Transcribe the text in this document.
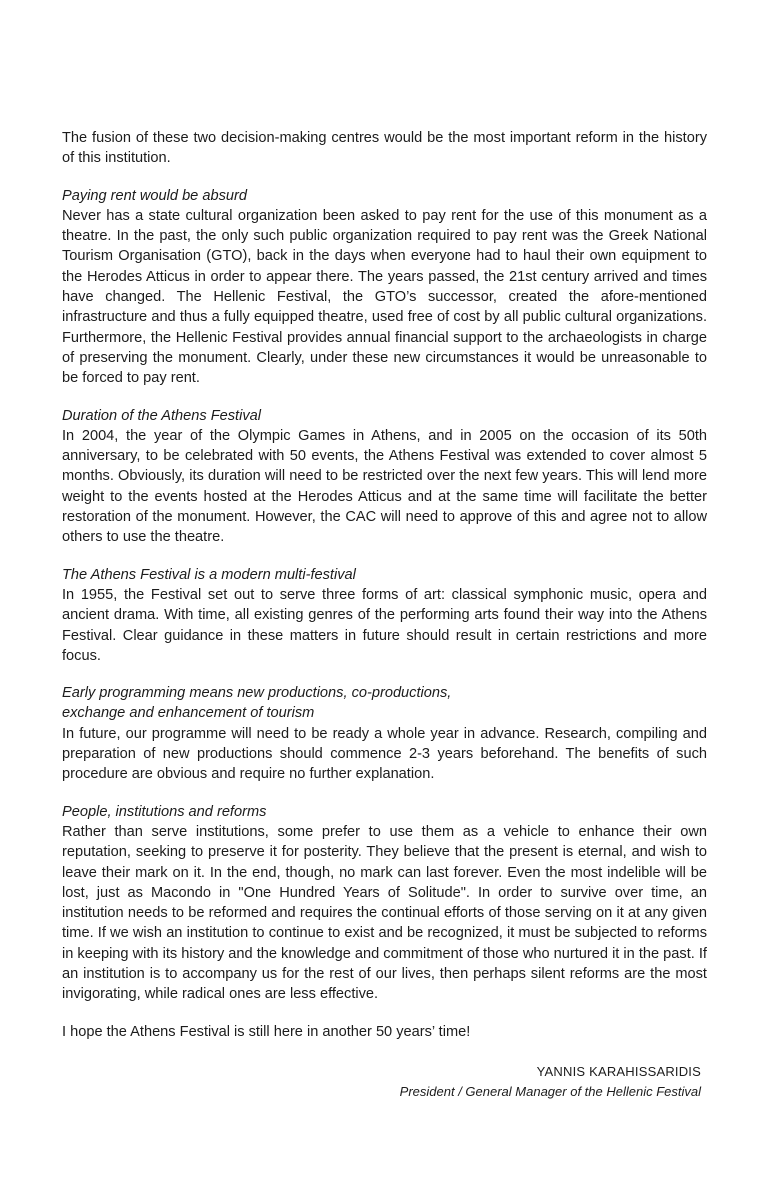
The fusion of these two decision-making centres would be the most important reform in the history of this institution.

Paying rent would be absurd

Never has a state cultural organization been asked to pay rent for the use of this monument as a theatre. In the past, the only such public organization required to pay rent was the Greek National Tourism Organisation (GTO), back in the days when everyone had to haul their own equipment to the Herodes Atticus in order to appear there. The years passed, the 21st century arrived and times have changed. The Hellenic Festival, the GTO’s successor, created the afore-mentioned infrastructure and thus a fully equipped theatre, used free of cost by all public cultural organizations. Furthermore, the Hellenic Festival provides annual financial support to the archaeologists in charge of preserving the monument. Clearly, under these new circumstances it would be unreasonable to be forced to pay rent.

Duration of the Athens Festival

In 2004, the year of the Olympic Games in Athens, and in 2005 on the occasion of its 50th anniversary, to be celebrated with 50 events, the Athens Festival was extended to cover almost 5 months. Obviously, its duration will need to be restricted over the next few years. This will lend more weight to the events hosted at the Herodes Atticus and at the same time will facilitate the better restoration of the monument. However, the CAC will need to approve of this and agree not to allow others to use the theatre.

The Athens Festival is a modern multi-festival

In 1955, the Festival set out to serve three forms of art: classical symphonic music, opera and ancient drama. With time, all existing genres of the performing arts found their way into the Athens Festival. Clear guidance in these matters in future should result in certain restrictions and more focus.

Early programming means new productions, co-productions,

exchange and enhancement of tourism

In future, our programme will need to be ready a whole year in advance. Research, compiling and preparation of new productions should commence 2-3 years beforehand. The benefits of such procedure are obvious and require no further explanation.

People, institutions and reforms

Rather than serve institutions, some prefer to use them as a vehicle to enhance their own reputation, seeking to preserve it for posterity. They believe that the present is eternal, and wish to leave their mark on it. In the end, though, no mark can last forever. Even the most indelible will be lost, just as Macondo in "One Hundred Years of Solitude". In order to survive over time, an institution needs to be reformed and requires the continual efforts of those serving on it at any given time. If we wish an institution to continue to exist and be recognized, it must be subjected to reforms in keeping with its history and the knowledge and commitment of those who nurtured it in the past. If an institution is to accompany us for the rest of our lives, then perhaps silent reforms are the most invigorating, while radical ones are less effective.

I hope the Athens Festival is still here in another 50 years’ time!

YANNIS KARAHISSARIDIS
President / General Manager of the Hellenic Festival
